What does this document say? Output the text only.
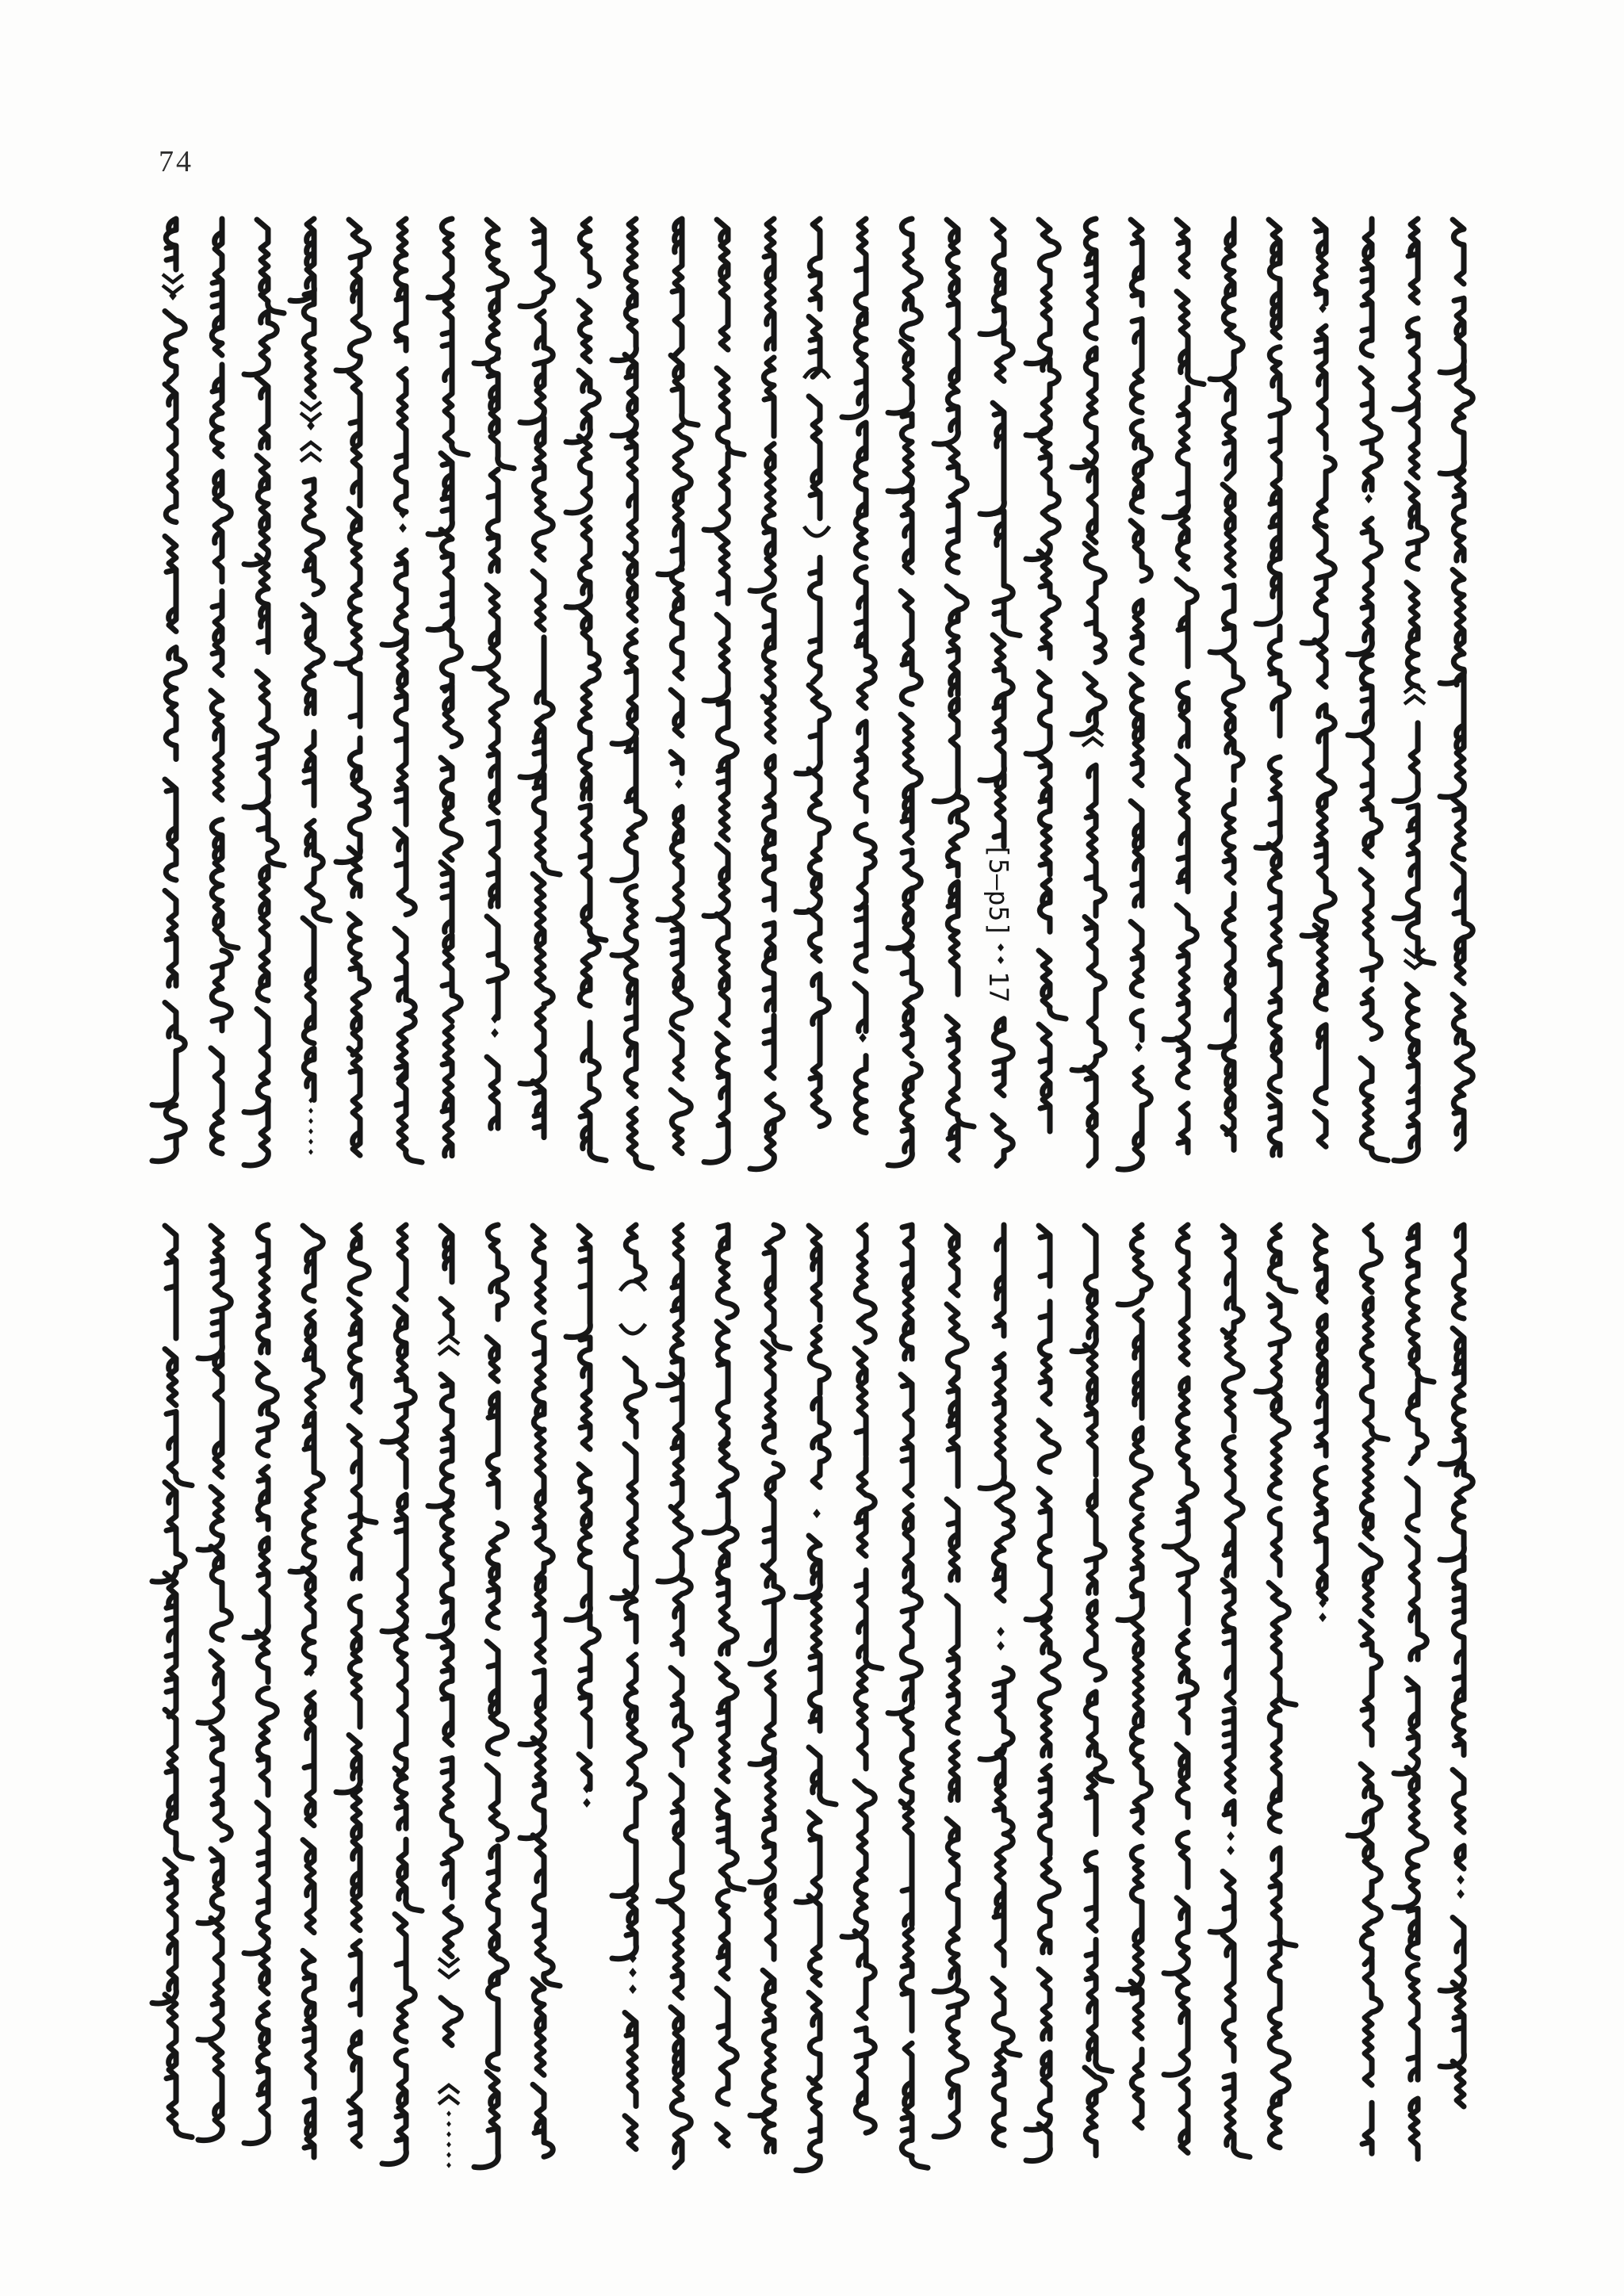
74
[5—p5]
17
